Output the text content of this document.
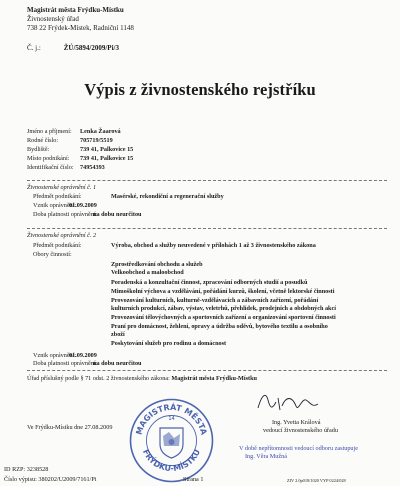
Magistrát města Frýdku-Místku
Živnostenský úřad
738 22 Frýdek-Místek, Radniční 1148
Č. j.:	ŽÚ/5894/2009/Pi/3
Výpis z živnostenského rejstříku
Jméno a příjmení: Lenka Žaarová
Rodné číslo:	705719/5519
Bydliště:	739 41, Palkovice 15
Místo podnikání: 739 41, Palkovice 15
Identifikační číslo: 74954393
Živnostenské oprávnění č. 1
Předmět podnikání:	Masérské, rekondiční a regenerační služby
Vznik oprávnění:
01.09.2009
Doba platnosti oprávnění:
na dobu neurčitou
Živnostenské oprávnění č. 2
Předmět podnikání:	Výroba, obchod a služby neuvedené v přílohách 1 až 3 živnostenského zákona
Obory činností:
Zprostředkování obchodu a služeb
Velkoobchod a maloobchod
Poradenská a konzultační činnost, zpracování odborných studií a posudků
Mimoškolní výchova a vzdělávání, pořádání kurzů, školení, včetně lektorské činnosti
Provozování kulturních, kulturně-vzdělávacích a zábavních zařízení, pořádání
kulturních produkcí, zábav, výstav, veletrhů, přehlídek, prodejních a obdobných akcí
Provozování tělovýchovných a sportovních zařízení a organizování sportovní činnosti
Praní pro domácnost, žehlení, opravy a údržba oděvů, bytového textilu a osobního
zboží
Poskytování služeb pro rodinu a domácnost
Vznik oprávnění:
01.09.2009
Doba platnosti oprávnění:
na dobu neurčitou
Úřad příslušný podle § 71 odst. 2 živnostenského zákona: Magistrát města Frýdku-Místku
Ve Frýdku-Místku dne 27.08.2009	MAGISTRÁT MĚSTA
FRÝDKU-MÍSTKU
14	Ing. Yvetta Králová
vedoucí živnostenského úřadu
V době nepřítomnosti vedoucí odboru zastupuje
Ing. Věra Mužná
ID RZP: 3238528
Číslo výpisu: 380202/U2009/7161/Pi	Strana 1	ZIV 2.0p018/1020 VYP 0224/028
